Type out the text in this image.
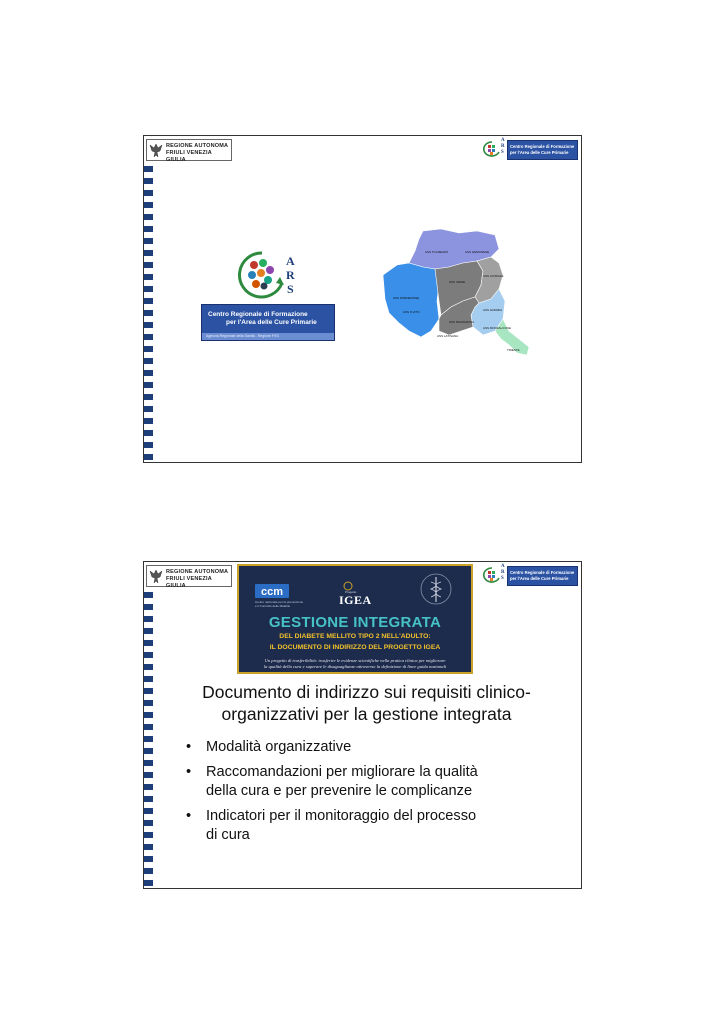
REGIONE AUTONOMA
FRIULI VENEZIA GIULIA
A
R
S
Centro Regionale di Formazione
per l'Area delle Cure Primarie
A
R
S
Centro Regionale di Formazione
per l'Area delle Cure Primarie
Agenzia Regionale della Sanità - Regione FVG
ASS TOLMEZZO	ASS GEMONESE
ASS PORDENONE
ASS UDINE
ASS CIVIDALE
ASS S.VITO
ASS PALMANOVA
ASS GORIZIA
ASS LATISANA
ASS MONFALCONE
TRIESTE
REGIONE AUTONOMA
FRIULI VENEZIA GIULIA
A
R
S
Centro Regionale di Formazione
per l'Area delle Cure Primarie
ccm
Centro nazionale per la prevenzione
e il Controllo delle Malattie
Progetto
IGEA
GESTIONE INTEGRATA
DEL DIABETE MELLITO TIPO 2 NELL'ADULTO:
IL DOCUMENTO DI INDIRIZZO DEL PROGETTO IGEA
Un progetto di trasferibilità: trasferire le evidenze scientifiche nella pratica clinica per migliorare
la qualità della cura e superare le disuguaglianze attraverso la definizione di linee guida nazionali
Documento di indirizzo sui requisiti clinico-
organizzativi per la gestione integrata
• Modalità organizzative
• Raccomandazioni per migliorare la qualità
della cura e per prevenire le complicanze
• Indicatori per il monitoraggio del processo
di cura
